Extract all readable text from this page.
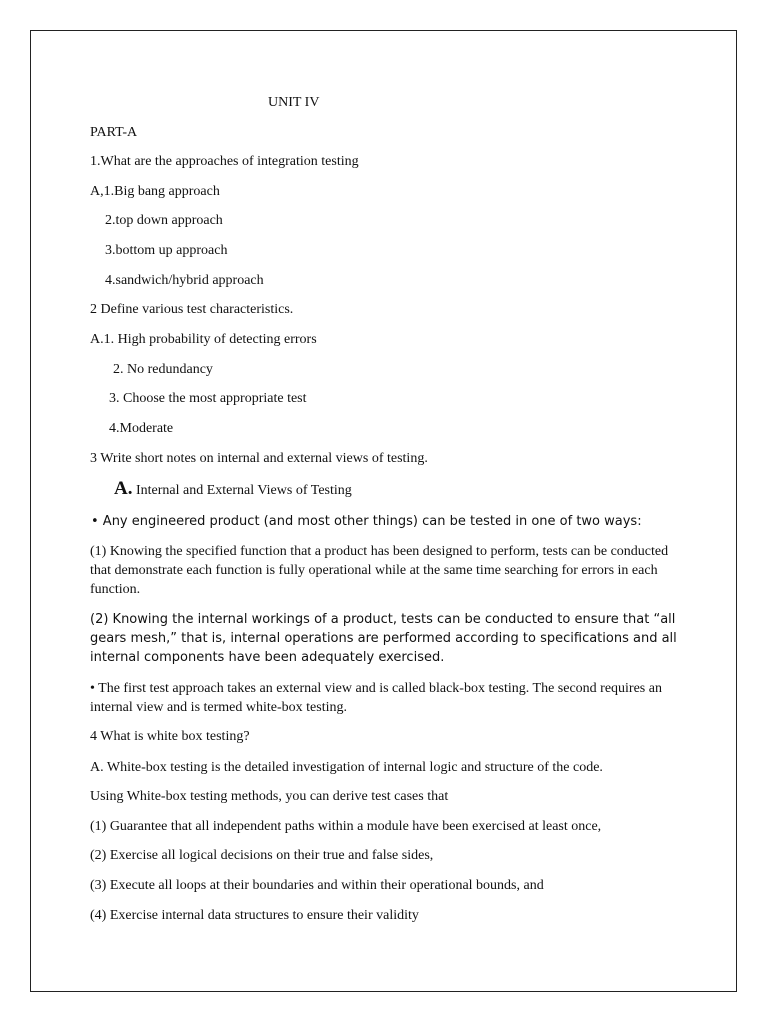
UNIT IV
PART-A
1.What are the approaches of integration testing
A,1.Big bang approach
2.top down approach
3.bottom up approach
4.sandwich/hybrid approach
2 Define various test characteristics.
A.1. High probability of detecting errors
2. No redundancy
3. Choose the most appropriate test
4.Moderate
3 Write short notes on internal and external views of testing.
A. Internal and External Views of Testing
• Any engineered product (and most other things) can be tested in one of two ways:
(1) Knowing the specified function that a product has been designed to perform, tests can be conducted that demonstrate each function is fully operational while at the same time searching for errors in each function.
(2) Knowing the internal workings of a product, tests can be conducted to ensure that “all gears mesh,” that is, internal operations are performed according to specifications and all internal components have been adequately exercised.
• The first test approach takes an external view and is called black-box testing. The second requires an internal view and is termed white-box testing.
4 What is white box testing?
A. White-box testing is the detailed investigation of internal logic and structure of the code.
Using White-box testing methods, you can derive test cases that
(1) Guarantee that all independent paths within a module have been exercised at least once,
(2) Exercise all logical decisions on their true and false sides,
(3) Execute all loops at their boundaries and within their operational bounds, and
(4) Exercise internal data structures to ensure their validity
